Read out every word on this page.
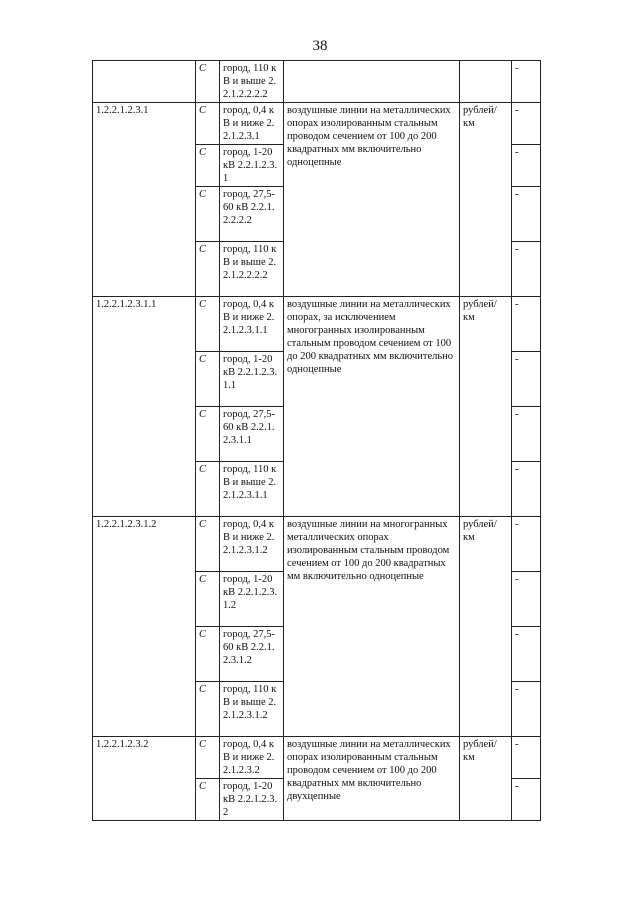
38
	С	город, 110 кВ и выше 2.2.1.2.2.2.2			-
1.2.2.1.2.3.1	С	город, 0,4 кВ и ниже 2.2.1.2.3.1	воздушные линии на металлических опорах изолированным стальным проводом сечением от 100 до 200 квадратных мм включительно одноцепные	рублей/ км	-
	С	город, 1-20 кВ 2.2.1.2.3.1			-
	С	город, 27,5-60 кВ 2.2.1.2.2.2.2			-
	С	город, 110 кВ и выше 2.2.1.2.2.2.2			-
1.2.2.1.2.3.1.1	С	город, 0,4 кВ и ниже 2.2.1.2.3.1.1	воздушные линии на металлических опорах, за исключением многогранных изолированным стальным проводом сечением от 100 до 200 квадратных мм включительно одноцепные	рублей/ км	-
	С	город, 1-20 кВ 2.2.1.2.3.1.1			-
	С	город, 27,5-60 кВ 2.2.1.2.3.1.1			-
	С	город, 110 кВ и выше 2.2.1.2.3.1.1			-
1.2.2.1.2.3.1.2	С	город, 0,4 кВ и ниже 2.2.1.2.3.1.2	воздушные линии на многогранных металлических опорах изолированным стальным проводом сечением от 100 до 200 квадратных мм включительно одноцепные	рублей/ км	-
	С	город, 1-20 кВ 2.2.1.2.3.1.2			-
	С	город, 27,5-60 кВ 2.2.1.2.3.1.2			-
	С	город, 110 кВ и выше 2.2.1.2.3.1.2			-
1.2.2.1.2.3.2	С	город, 0,4 кВ и ниже 2.2.1.2.3.2	воздушные линии на металлических опорах изолированным стальным проводом сечением от 100 до 200 квадратных мм включительно двухцепные	рублей/ км	-
	С	город, 1-20 кВ 2.2.1.2.3.2			-
